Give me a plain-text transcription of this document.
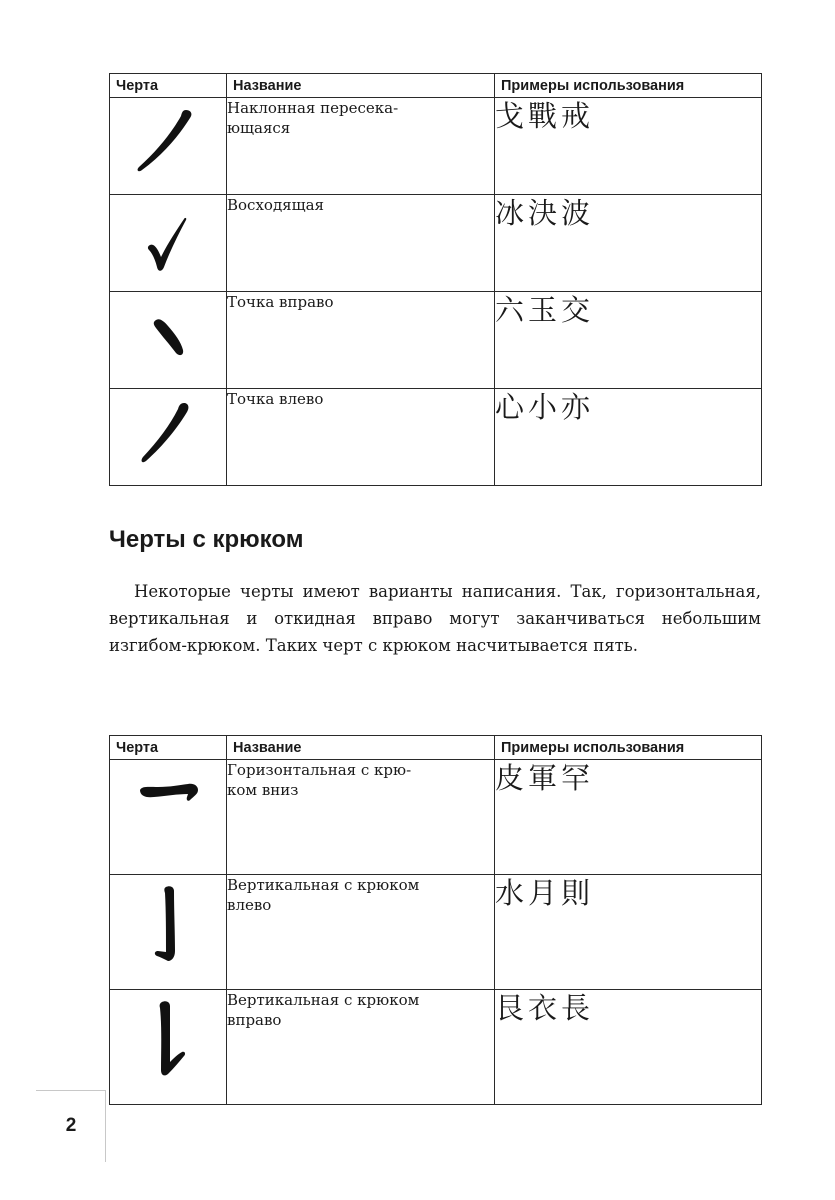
Черта	Название	Примеры использования

	Наклонная пересека-
ющаяся	戈戰戒

	Восходящая	冰決波

	Точка вправо	六玉交

	Точка влево	心小亦
Черты с крюком

Некоторые черты имеют варианты написания. Так, горизонтальная, вертикальная и откидная вправо могут заканчиваться небольшим изгибом-крюком. Таких черт с крюком насчитывается пять.

Черта	Название	Примеры использования

	Горизонтальная с крю-
ком вниз	皮軍罕

	Вертикальная с крюком
влево	水月則

	Вертикальная с крюком
вправо	艮衣長
2
